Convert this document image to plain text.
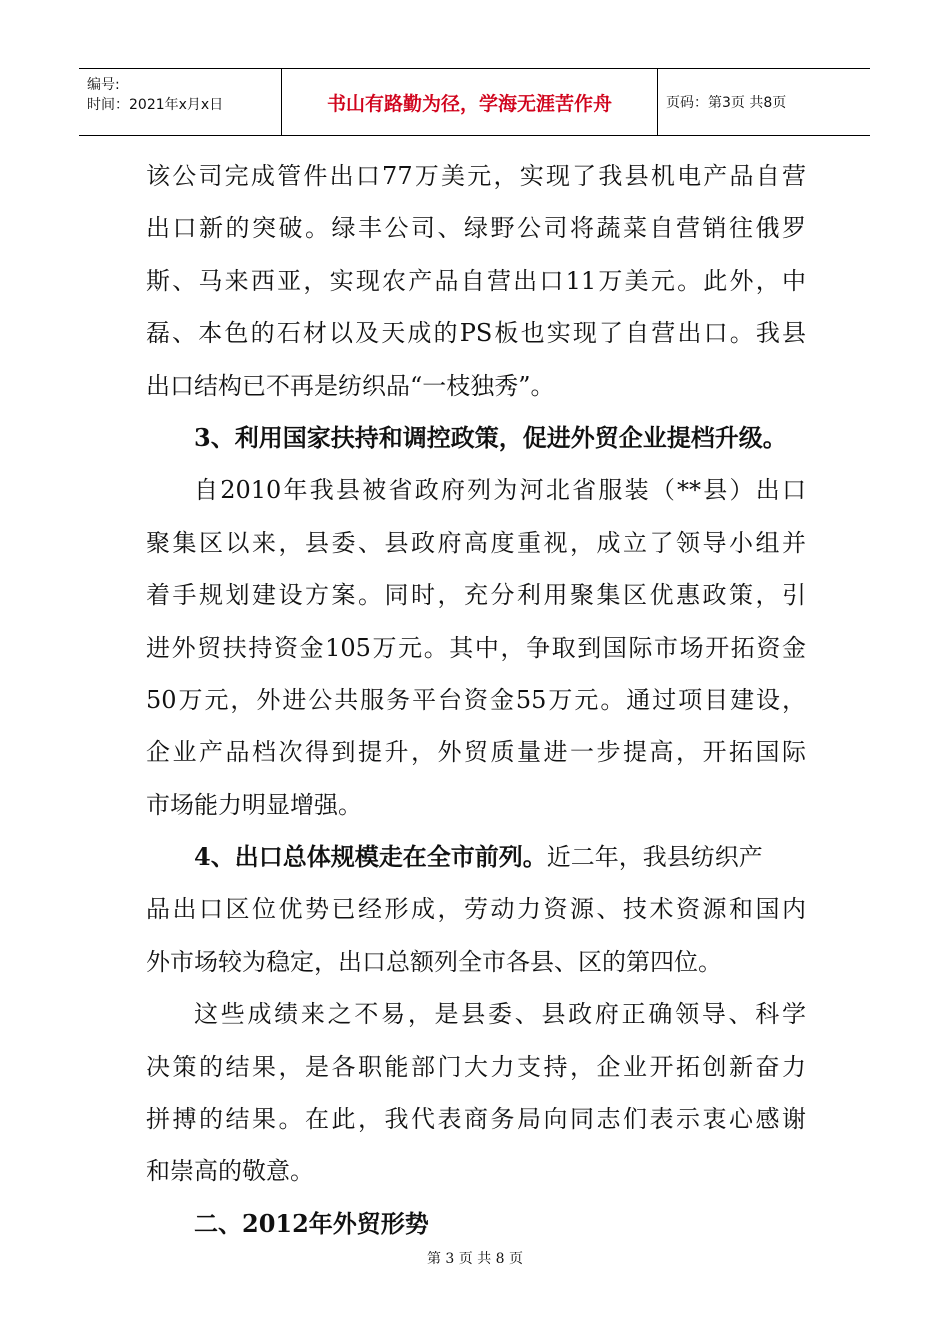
编号:
时间：2021年x月x日	书山有路勤为径，学海无涯苦作舟	页码：第3页 共8页
该公司完成管件出口77万美元，实现了我县机电产品自营
出口新的突破。绿丰公司、绿野公司将蔬菜自营销往俄罗
斯、马来西亚，实现农产品自营出口11万美元。此外，中
磊、本色的石材以及天成的PS板也实现了自营出口。我县
出口结构已不再是纺织品“一枝独秀”。
3、利用国家扶持和调控政策，促进外贸企业提档升级。
自2010年我县被省政府列为河北省服装（**县）出口
聚集区以来，县委、县政府高度重视，成立了领导小组并
着手规划建设方案。同时，充分利用聚集区优惠政策，引
进外贸扶持资金105万元。其中，争取到国际市场开拓资金
50万元，外进公共服务平台资金55万元。通过项目建设，
企业产品档次得到提升，外贸质量进一步提高，开拓国际
市场能力明显增强。
4、出口总体规模走在全市前列。近二年，我县纺织产
品出口区位优势已经形成，劳动力资源、技术资源和国内
外市场较为稳定，出口总额列全市各县、区的第四位。
这些成绩来之不易，是县委、县政府正确领导、科学
决策的结果，是各职能部门大力支持，企业开拓创新奋力
拼搏的结果。在此，我代表商务局向同志们表示衷心感谢
和崇高的敬意。
二、2012年外贸形势
第 3 页 共 8 页
